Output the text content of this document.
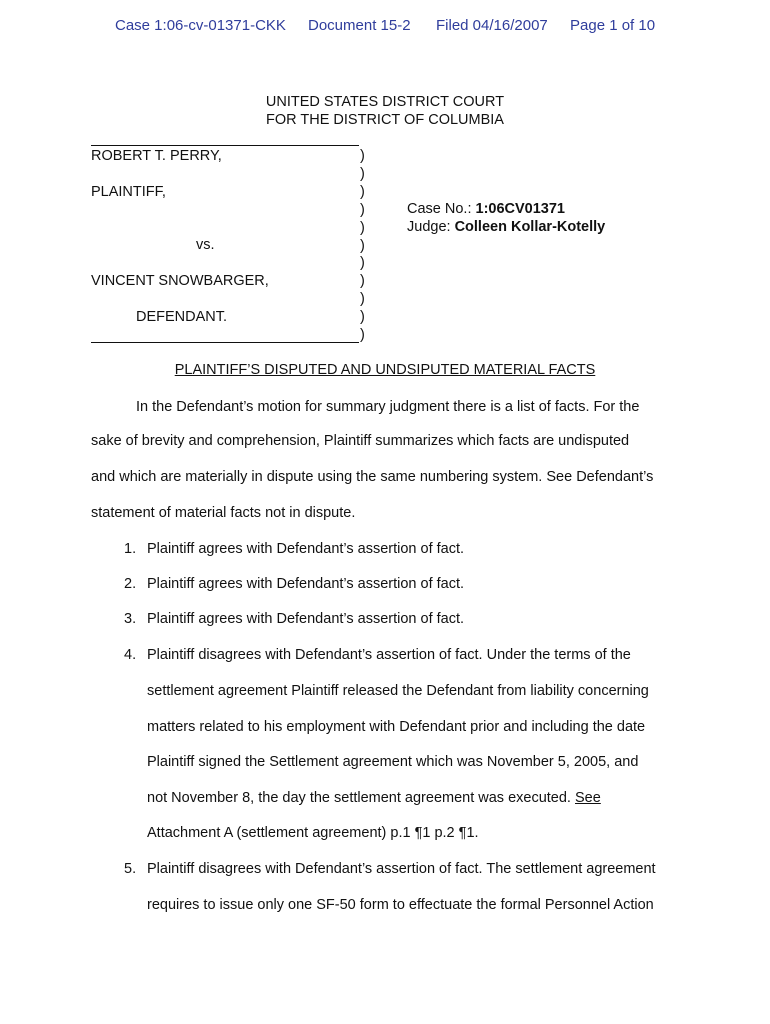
Case 1:06-cv-01371-CKK Document 15-2 Filed 04/16/2007 Page 1 of 10
UNITED STATES DISTRICT COURT
FOR THE DISTRICT OF COLUMBIA
ROBERT T. PERRY,
PLAINTIFF,
vs.
VINCENT SNOWBARGER,
DEFENDANT.
)
)
)
)
)
)
)
)
)
)
)
Case No.: 1:06CV01371
Judge: Colleen Kollar-Kotelly
PLAINTIFF’S DISPUTED AND UNDSIPUTED MATERIAL FACTS
In the Defendant’s motion for summary judgment there is a list of facts. For the
sake of brevity and comprehension, Plaintiff summarizes which facts are undisputed
and which are materially in dispute using the same numbering system. See Defendant’s
statement of material facts not in dispute.
1. Plaintiff agrees with Defendant’s assertion of fact.
2. Plaintiff agrees with Defendant’s assertion of fact.
3. Plaintiff agrees with Defendant’s assertion of fact.
4. Plaintiff disagrees with Defendant’s assertion of fact. Under the terms of the
settlement agreement Plaintiff released the Defendant from liability concerning
matters related to his employment with Defendant prior and including the date
Plaintiff signed the Settlement agreement which was November 5, 2005, and
not November 8, the day the settlement agreement was executed. See
Attachment A (settlement agreement) p.1 ¶1 p.2 ¶1.
5. Plaintiff disagrees with Defendant’s assertion of fact. The settlement agreement
requires to issue only one SF-50 form to effectuate the formal Personnel Action
